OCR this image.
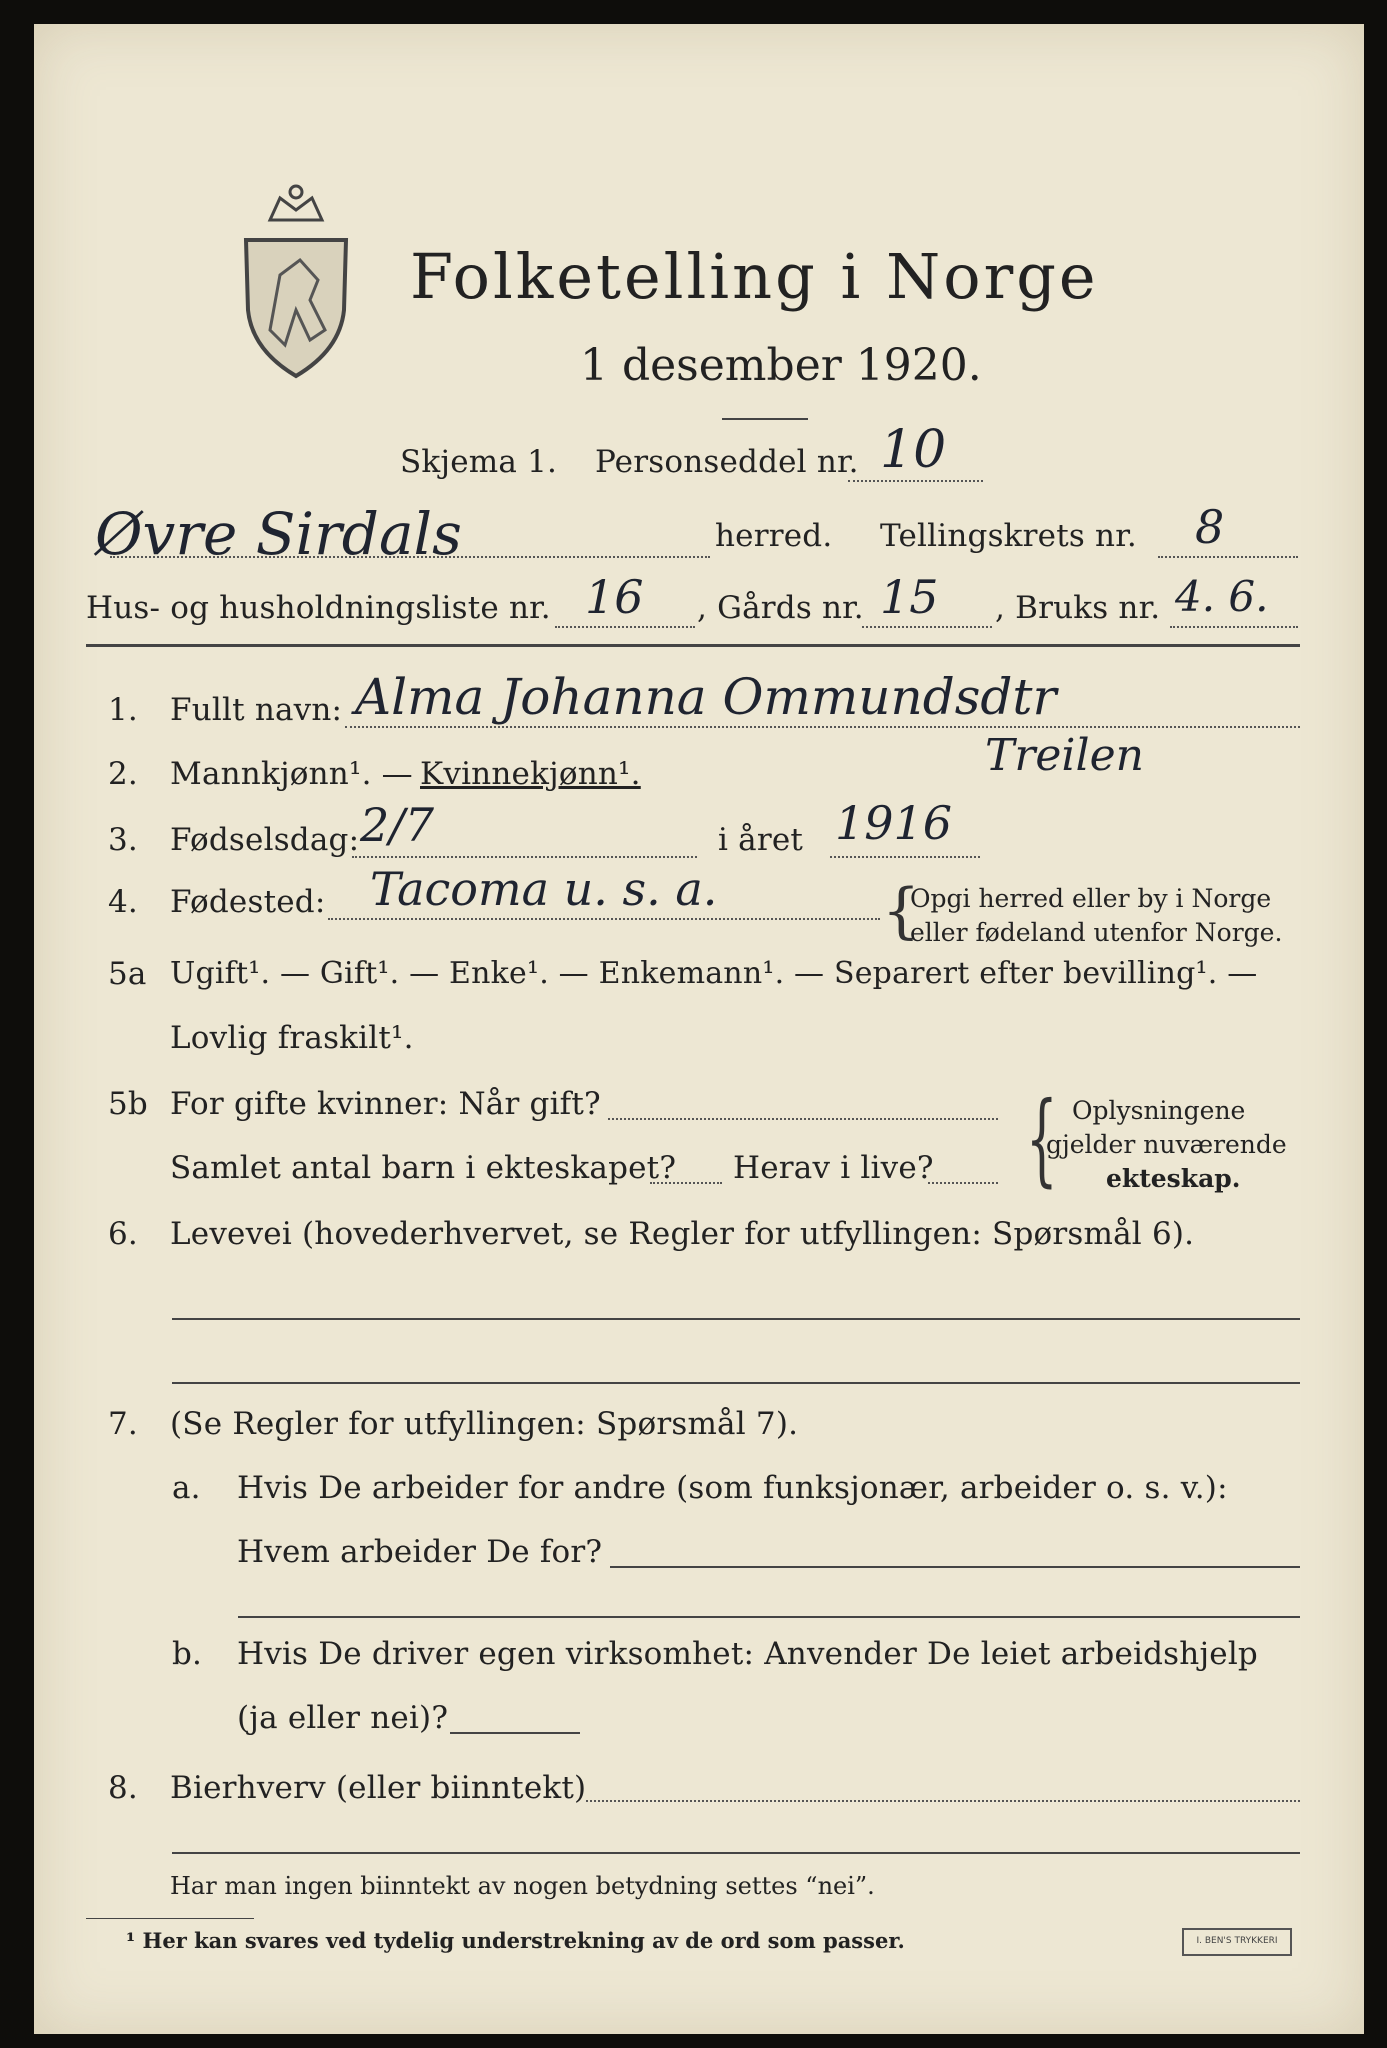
Folketelling i Norge
1 desember 1920.
Skjema 1. Personseddel nr. 10
Øvre Sirdals	herred. Tellingskrets nr. 8
Hus- og husholdningsliste nr. 16 , Gårds nr. 15 , Bruks nr. 4. 6.
1. Fullt navn: Alma Johanna Ommundsdtr
Treilen
2. Mannkjønn¹. — Kvinnekjønn¹.
3. Fødselsdag: 2/7	i året 1916
4. Fødested: Tacoma u. s. a.	{
Opgi herred eller by i Norge
eller fødeland utenfor Norge.
5a Ugift¹. — Gift¹. — Enke¹. — Enkemann¹. — Separert efter bevilling¹. —
Lovlig fraskilt¹.
5b For gifte kvinner: Når gift?
Samlet antal barn i ekteskapet? Herav i live? { Oplysningene
gjelder nuværende
ekteskap.
6. Levevei (hovederhvervet, se Regler for utfyllingen: Spørsmål 6).
7. (Se Regler for utfyllingen: Spørsmål 7).
a. Hvis De arbeider for andre (som funksjonær, arbeider o. s. v.):
Hvem arbeider De for?
b. Hvis De driver egen virksomhet: Anvender De leiet arbeidshjelp
(ja eller nei)?
8. Bierhverv (eller biinntekt)
Har man ingen biinntekt av nogen betydning settes “nei”.
¹ Her kan svares ved tydelig understrekning av de ord som passer.	I. BEN'S TRYKKERI
